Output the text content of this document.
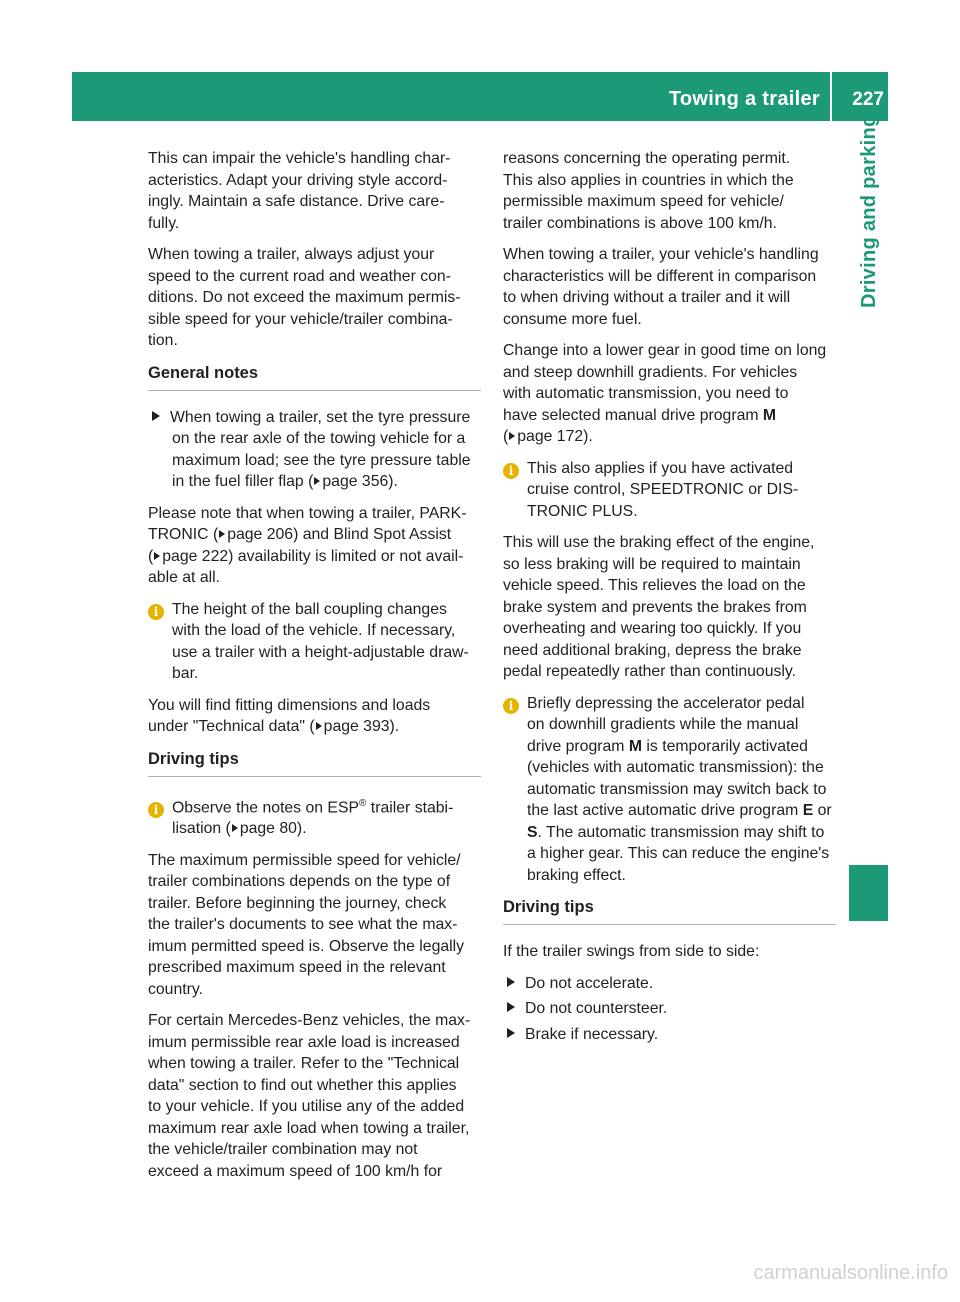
Towing a trailer 227
Driving and parking

This can impair the vehicle's handling char-
acteristics. Adapt your driving style accord-
ingly. Maintain a safe distance. Drive care-
fully.

When towing a trailer, always adjust your
speed to the current road and weather con-
ditions. Do not exceed the maximum permis-
sible speed for your vehicle/trailer combina-
tion.

General notes

When towing a trailer, set the tyre pressure
on the rear axle of the towing vehicle for a
maximum load; see the tyre pressure table
in the fuel filler flap ( page 356).

Please note that when towing a trailer, PARK-
TRONIC ( page 206) and Blind Spot Assist
( page 222) availability is limited or not avail-
able at all.

i The height of the ball coupling changes
with the load of the vehicle. If necessary,
use a trailer with a height-adjustable draw-
bar.

You will find fitting dimensions and loads
under "Technical data" ( page 393).

Driving tips

i Observe the notes on ESP® trailer stabi-
lisation ( page 80).

The maximum permissible speed for vehicle/
trailer combinations depends on the type of
trailer. Before beginning the journey, check
the trailer's documents to see what the max-
imum permitted speed is. Observe the legally
prescribed maximum speed in the relevant
country.

For certain Mercedes-Benz vehicles, the max-
imum permissible rear axle load is increased
when towing a trailer. Refer to the "Technical
data" section to find out whether this applies
to your vehicle. If you utilise any of the added
maximum rear axle load when towing a trailer,
the vehicle/trailer combination may not
exceed a maximum speed of 100 km/h for

reasons concerning the operating permit.
This also applies in countries in which the
permissible maximum speed for vehicle/
trailer combinations is above 100 km/h.

When towing a trailer, your vehicle's handling
characteristics will be different in comparison
to when driving without a trailer and it will
consume more fuel.

Change into a lower gear in good time on long
and steep downhill gradients. For vehicles
with automatic transmission, you need to
have selected manual drive program M
( page 172).

i This also applies if you have activated
cruise control, SPEEDTRONIC or DIS-
TRONIC PLUS.

This will use the braking effect of the engine,
so less braking will be required to maintain
vehicle speed. This relieves the load on the
brake system and prevents the brakes from
overheating and wearing too quickly. If you
need additional braking, depress the brake
pedal repeatedly rather than continuously.

i Briefly depressing the accelerator pedal
on downhill gradients while the manual
drive program M is temporarily activated
(vehicles with automatic transmission): the
automatic transmission may switch back to
the last active automatic drive program E or
S. The automatic transmission may shift to
a higher gear. This can reduce the engine's
braking effect.

Driving tips

If the trailer swings from side to side:

Do not accelerate.

Do not countersteer.

Brake if necessary.

carmanualsonline.info
